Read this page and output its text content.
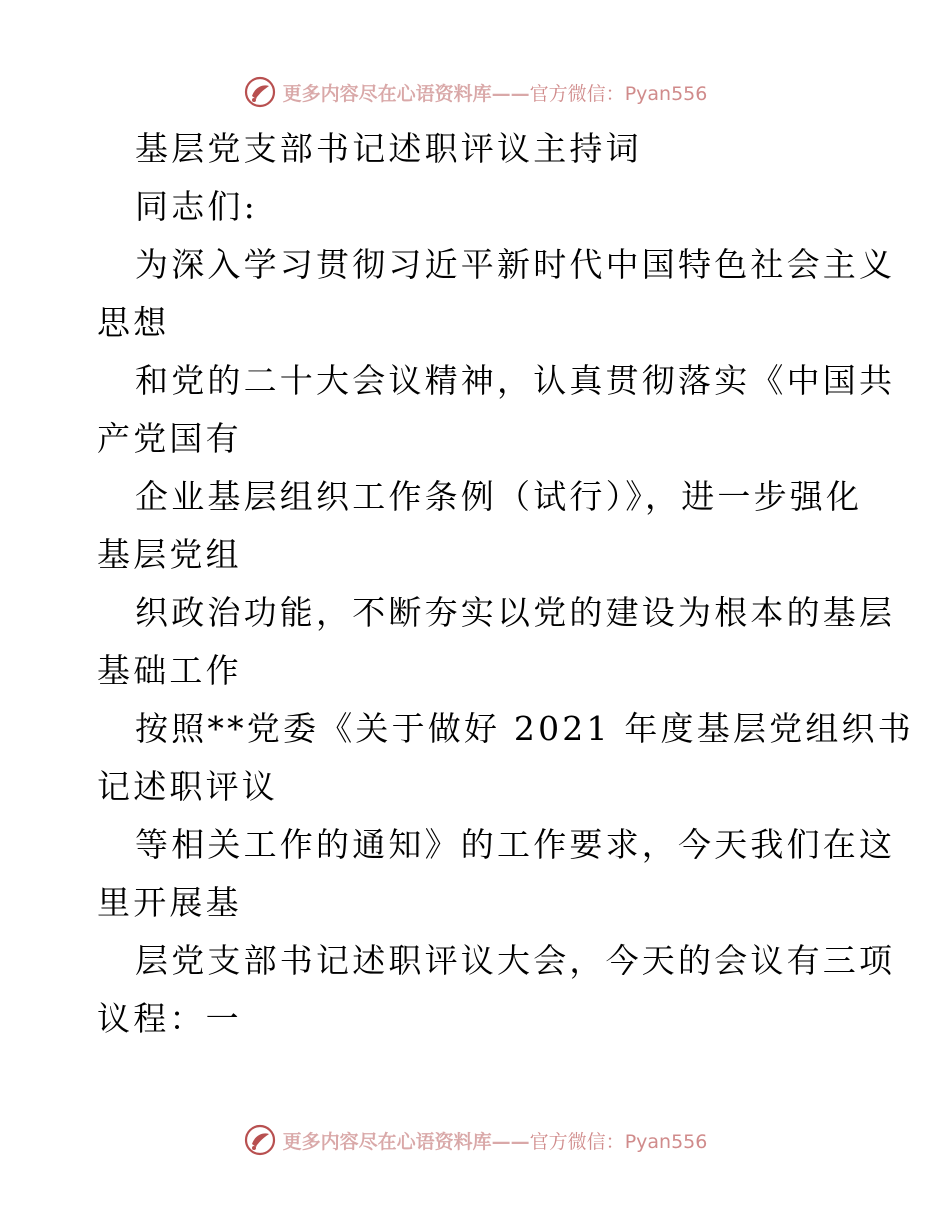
更多内容尽在心语资料库——官方微信：Pyan556
基层党支部书记述职评议主持词
同志们:
为深入学习贯彻习近平新时代中国特色社会主义
思想
和党的二十大会议精神，认真贯彻落实《中国共
产党国有
企业基层组织工作条例（试行）》，进一步强化
基层党组
织政治功能，不断夯实以党的建设为根本的基层
基础工作
按照**党委《关于做好 2021 年度基层党组织书
记述职评议
等相关工作的通知》的工作要求，今天我们在这
里开展基
层党支部书记述职评议大会，今天的会议有三项
议程：一
更多内容尽在心语资料库——官方微信：Pyan556
